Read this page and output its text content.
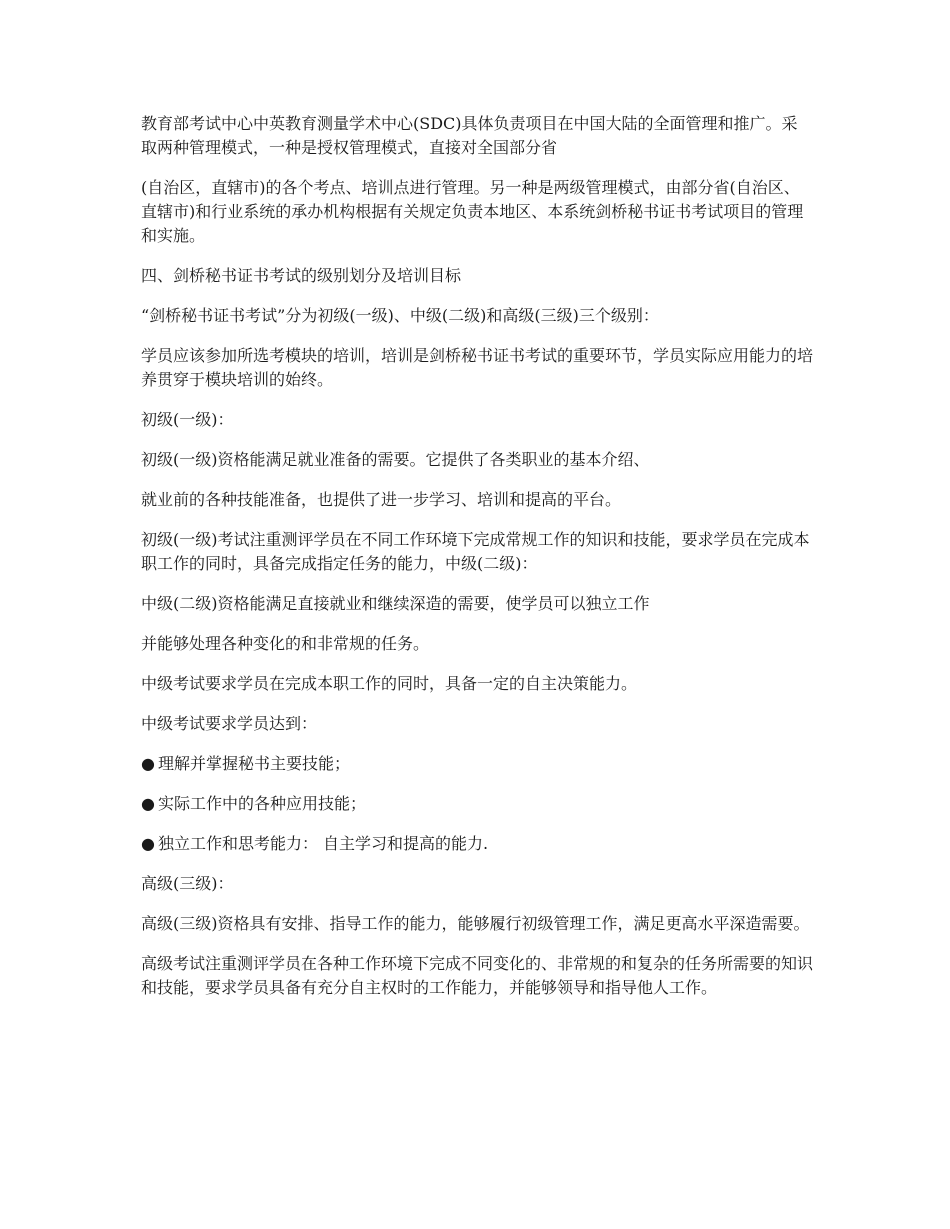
教育部考试中心中英教育测量学术中心(SDC)具体负责项目在中国大陆的全面管理和推广。采取两种管理模式，一种是授权管理模式，直接对全国部分省

(自治区，直辖市)的各个考点、培训点进行管理。另一种是两级管理模式，由部分省(自治区、直辖市)和行业系统的承办机构根据有关规定负责本地区、本系统剑桥秘书证书考试项目的管理和实施。

四、剑桥秘书证书考试的级别划分及培训目标

“剑桥秘书证书考试”分为初级(一级)、中级(二级)和高级(三级)三个级别：

学员应该参加所选考模块的培训，培训是剑桥秘书证书考试的重要环节，学员实际应用能力的培养贯穿于模块培训的始终。

初级(一级)：

初级(一级)资格能满足就业准备的需要。它提供了各类职业的基本介绍、

就业前的各种技能准备，也提供了进一步学习、培训和提高的平台。

初级(一级)考试注重测评学员在不同工作环境下完成常规工作的知识和技能，要求学员在完成本职工作的同时，具备完成指定任务的能力，中级(二级)：

中级(二级)资格能满足直接就业和继续深造的需要，使学员可以独立工作

并能够处理各种变化的和非常规的任务。

中级考试要求学员在完成本职工作的同时，具备一定的自主决策能力。

中级考试要求学员达到：

● 理解并掌握秘书主要技能；

● 实际工作中的各种应用技能；

● 独立工作和思考能力： 自主学习和提高的能力.

高级(三级)：

高级(三级)资格具有安排、指导工作的能力，能够履行初级管理工作，满足更高水平深造需要。

高级考试注重测评学员在各种工作环境下完成不同变化的、非常规的和复杂的任务所需要的知识和技能，要求学员具备有充分自主权时的工作能力，并能够领导和指导他人工作。
